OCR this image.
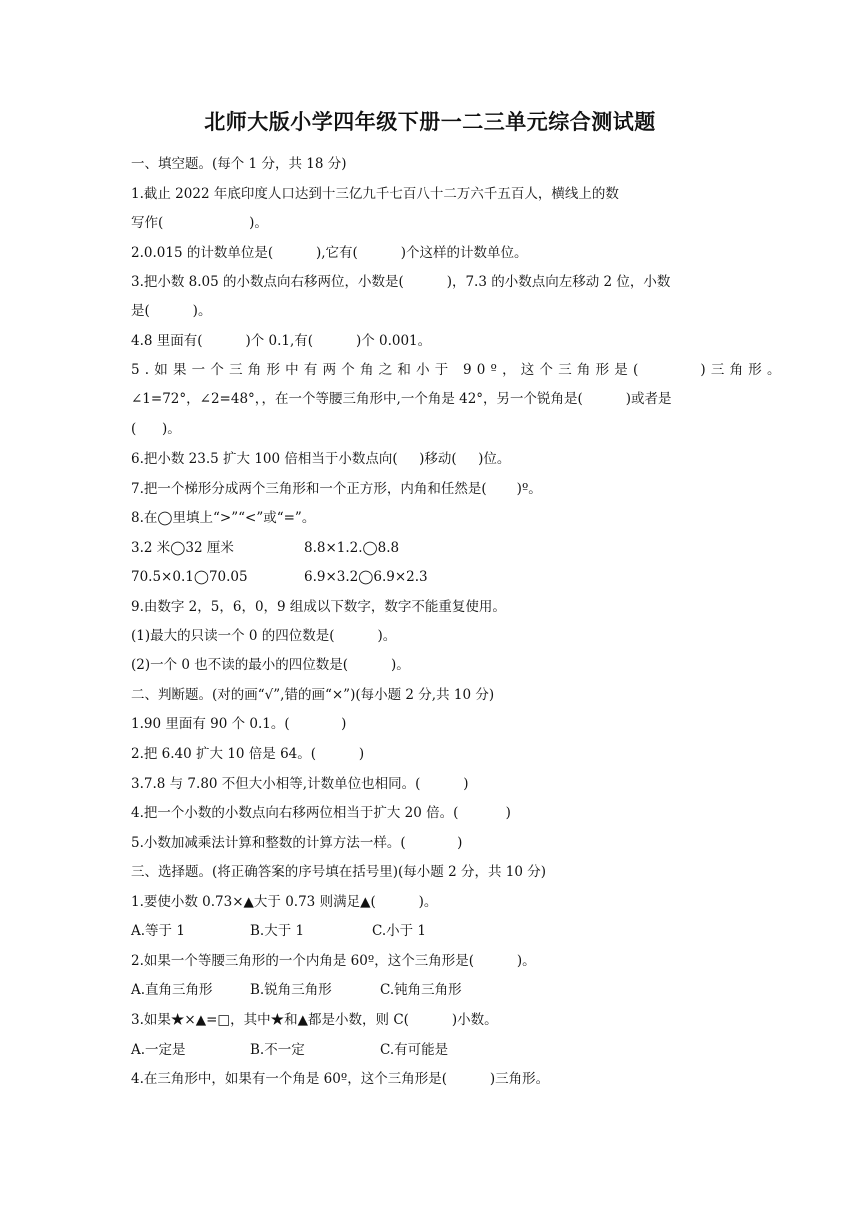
北师大版小学四年级下册一二三单元综合测试题
一、填空题。(每个 1 分，共 18 分)
1.截止 2022 年底印度人口达到十三亿九千七百八十二万六千五百人，横线上的数
写作(                    )。
2.0.015 的计数单位是(          ),它有(          )个这样的计数单位。
3.把小数 8.05 的小数点向右移两位，小数是(          )，7.3 的小数点向左移动 2 位，小数
是(          )。
4.8 里面有(          )个 0.1,有(          )个 0.001。
5.如果一个三角形中有两个角之和小于 90º，这个三角形是(      )三角形。
∠1=72°，∠2=48°，，在一个等腰三角形中,一个角是 42°，另一个锐角是(          )或者是
(      )。
6.把小数 23.5 扩大 100 倍相当于小数点向(     )移动(     )位。
7.把一个梯形分成两个三角形和一个正方形，内角和任然是(       )º。
8.在◯里填上“>”“<”或“=”。
3.2 米◯32 厘米	8.8×1.2.◯8.8
70.5×0.1◯70.05	6.9×3.2◯6.9×2.3
9.由数字 2，5，6，0，9 组成以下数字，数字不能重复使用。
(1)最大的只读一个 0 的四位数是(          )。
(2)一个 0 也不读的最小的四位数是(          )。
二、判断题。(对的画“√”,错的画“×”)(每小题 2 分,共 10 分)
1.90 里面有 90 个 0.1。(            )
2.把 6.40 扩大 10 倍是 64。(          )
3.7.8 与 7.80 不但大小相等,计数单位也相同。(          )
4.把一个小数的小数点向右移两位相当于扩大 20 倍。(           )
5.小数加减乘法计算和整数的计算方法一样。(            )
三、选择题。(将正确答案的序号填在括号里)(每小题 2 分，共 10 分)
1.要使小数 0.73×▲大于 0.73 则满足▲(          )。
A.等于 1	B.大于 1	C.小于 1
2.如果一个等腰三角形的一个内角是 60º，这个三角形是(          )。
A.直角三角形	B.锐角三角形	C.钝角三角形
3.如果★×▲=□，其中★和▲都是小数，则 C(          )小数。
A.一定是	B.不一定	C.有可能是
4.在三角形中，如果有一个角是 60º，这个三角形是(          )三角形。
